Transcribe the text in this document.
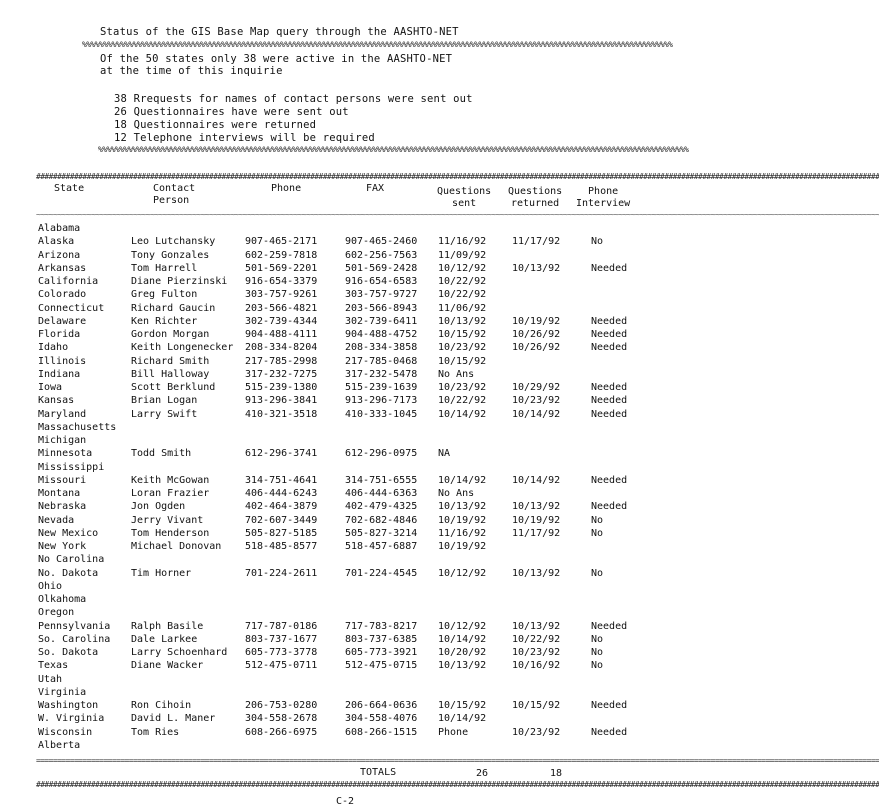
Status of the GIS Base Map query through the AASHTO-NET
%%%%%%%%%%%%%%%%%%%%%%%%%%%%%%%%%%%%%%%%%%%%%%%%%%%%%%%%%%%%%%%%%%%%%%%%%%%%%%%%%%%%%%%%%%%%%%%%%%%%%%%%%%%%%%%%%%%%%%%%%%%%%%%%%%%%%%%%%%%%
Of the 50 states only 38 were active in the AASHTO-NET
at the time of this inquirie
38 Rrequests for names of contact persons were sent out
26 Questionnaires have were sent out
18 Questionnaires were returned
12 Telephone interviews will be required
%%%%%%%%%%%%%%%%%%%%%%%%%%%%%%%%%%%%%%%%%%%%%%%%%%%%%%%%%%%%%%%%%%%%%%%%%%%%%%%%%%%%%%%%%%%%%%%%%%%%%%%%%%%%%%%%%%%%%%%%%%%%%%%%%%%%%%%%%%%%
########################################################################################################################################################################################################
State	Contact
Person
Phone	FAX	Questions
sent
Questions
returned
Phone
Interview
~~~~~~~~~~~~~~~~~~~~~~~~~~~~~~~~~~~~~~~~~~~~~~~~~~~~~~~~~~~~~~~~~~~~~~~~~~~~~~~~~~~~~~~~~~~~~~~~~~~~~~~~~~~~~~~~~~~~~~~~~~~~~~~~~~~~~~~~~~~~~~~~~~~~~~~~~~~~~~~~~~~~~~~~~~~~~~~~~~~~~~~~~~~~~~~~~~~~~~~~
Alabama
Alaska	Leo Lutchansky	907-465-2171	907-465-2460 11/16/92	11/17/92	No
Arizona	Tony Gonzales	602-259-7818	602-256-7563 11/09/92
Arkansas	Tom Harrell	501-569-2201	501-569-2428 10/12/92	10/13/92	Needed
California	Diane Pierzinski 916-654-3379	916-654-6583 10/22/92
Colorado	Greg Fulton	303-757-9261	303-757-9727 10/22/92
Connecticut	Richard Gaucin	203-566-4821	203-566-8943 11/06/92
Delaware	Ken Richter	302-739-4344	302-739-6411 10/13/92	10/19/92	Needed
Florida	Gordon Morgan	904-488-4111	904-488-4752 10/15/92	10/26/92	Needed
Idaho	Keith Longenecker 208-334-8204	208-334-3858 10/23/92	10/26/92	Needed
Illinois	Richard Smith	217-785-2998	217-785-0468 10/15/92
Indiana	Bill Halloway	317-232-7275	317-232-5478 No Ans
Iowa	Scott Berklund	515-239-1380	515-239-1639 10/23/92	10/29/92	Needed
Kansas	Brian Logan	913-296-3841	913-296-7173 10/22/92	10/23/92	Needed
Maryland	Larry Swift	410-321-3518	410-333-1045 10/14/92	10/14/92	Needed
Massachusetts
Michigan
Minnesota	Todd Smith	612-296-3741	612-296-0975 NA
Mississippi
Missouri	Keith McGowan	314-751-4641	314-751-6555 10/14/92	10/14/92	Needed
Montana	Loran Frazier	406-444-6243	406-444-6363 No Ans
Nebraska	Jon Ogden	402-464-3879	402-479-4325 10/13/92	10/13/92	Needed
Nevada	Jerry Vivant	702-607-3449	702-682-4846 10/19/92	10/19/92	No
New Mexico	Tom Henderson	505-827-5185	505-827-3214 11/16/92	11/17/92	No
New York	Michael Donovan 518-485-8577	518-457-6887 10/19/92
No Carolina
No. Dakota	Tim Horner	701-224-2611	701-224-4545 10/12/92	10/13/92	No
Ohio
Olkahoma
Oregon
Pennsylvania Ralph Basile	717-787-0186	717-783-8217 10/12/92	10/13/92	Needed
So. Carolina Dale Larkee	803-737-1677	803-737-6385 10/14/92	10/22/92	No
So. Dakota	Larry Schoenhard 605-773-3778	605-773-3921 10/20/92	10/23/92	No
Texas	Diane Wacker	512-475-0711	512-475-0715 10/13/92	10/16/92	No
Utah
Virginia
Washington	Ron Cihoin	206-753-0280	206-664-0636 10/15/92	10/15/92	Needed
W. Virginia	David L. Maner	304-558-2678	304-558-4076 10/14/92
Wisconsin	Tom Ries	608-266-6975	608-266-1515 Phone	10/23/92	Needed
Alberta
========================================================================================================================================================================================================
TOTALS	26	18
########################################################################################################################################################################################################
C-2
